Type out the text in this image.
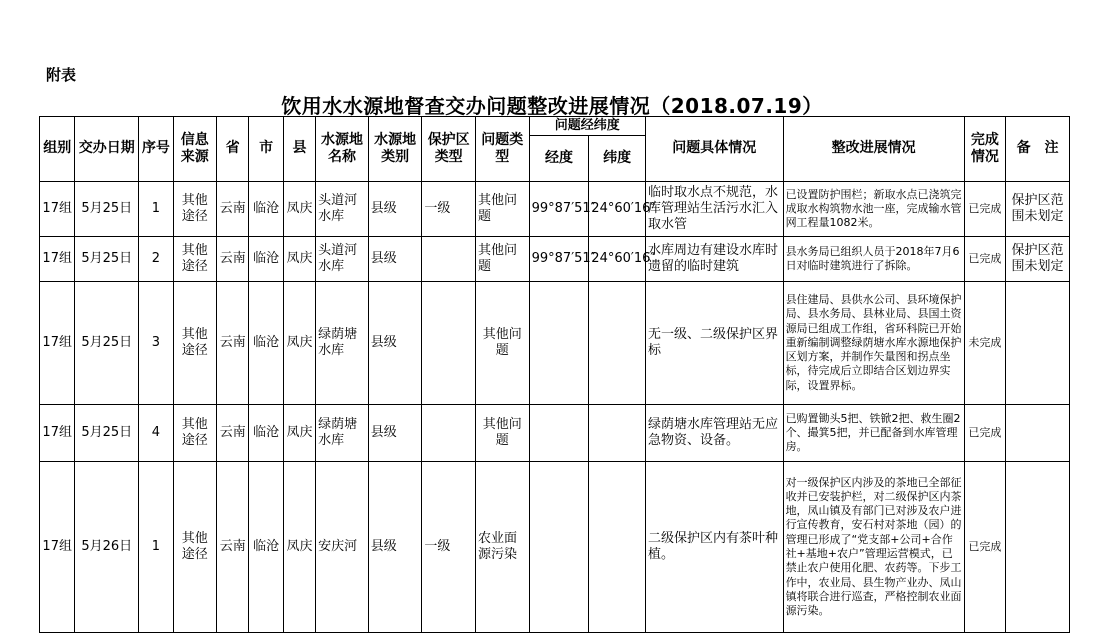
附表
饮用水水源地督查交办问题整改进展情况（2018.07.19）
组别	交办日期	序号	信息来源	省	市	县	水源地名称	水源地类别	保护区类型	问题类型	问题经纬度		问题具体情况	整改进展情况	完成情况	备　注
											经度	纬度				
17组	5月25日	1	其他途径	云南	临沧	凤庆	头道河水库	县级	一级	其他问题	99°87′51″	24°60′16″	临时取水点不规范，水库管理站生活污水汇入取水管	已设置防护围栏；新取水点已浇筑完成取水构筑物水池一座，完成输水管网工程量1082米。	已完成	保护区范围未划定

17组	5月25日	2	其他途径	云南	临沧	凤庆	头道河水库	县级		其他问题	99°87′51″	24°60′16″	水库周边有建设水库时遗留的临时建筑	县水务局已组织人员于2018年7月6日对临时建筑进行了拆除。	已完成	保护区范围未划定

17组	5月25日	3	其他途径	云南	临沧	凤庆	绿荫塘水库	县级		其他问题			无一级、二级保护区界标	县住建局、县供水公司、县环境保护局、县水务局、县林业局、县国土资源局已组成工作组，省环科院已开始重新编制调整绿荫塘水库水源地保护区划方案，并制作矢量图和拐点坐标，待完成后立即结合区划边界实际，设置界标。	未完成	
17组	5月25日	4	其他途径	云南	临沧	凤庆	绿荫塘水库	县级		其他问题			绿荫塘水库管理站无应急物资、设备。	已购置锄头5把、铁锨2把、救生圈2个、撮箕5把，并已配备到水库管理房。	已完成	
17组	5月26日	1	其他途径	云南	临沧	凤庆	安庆河	县级	一级	农业面源污染			二级保护区内有茶叶种植。	对一级保护区内涉及的茶地已全部征收并已安装护栏，对二级保护区内茶地，凤山镇及有部门已对涉及农户进行宣传教育，安石村对茶地（园）的管理已形成了“党支部+公司+合作社+基地+农户”管理运营模式，已禁止农户使用化肥、农药等。下步工作中，农业局、县生物产业办、凤山镇将联合进行巡查，严格控制农业面源污染。	已完成	
